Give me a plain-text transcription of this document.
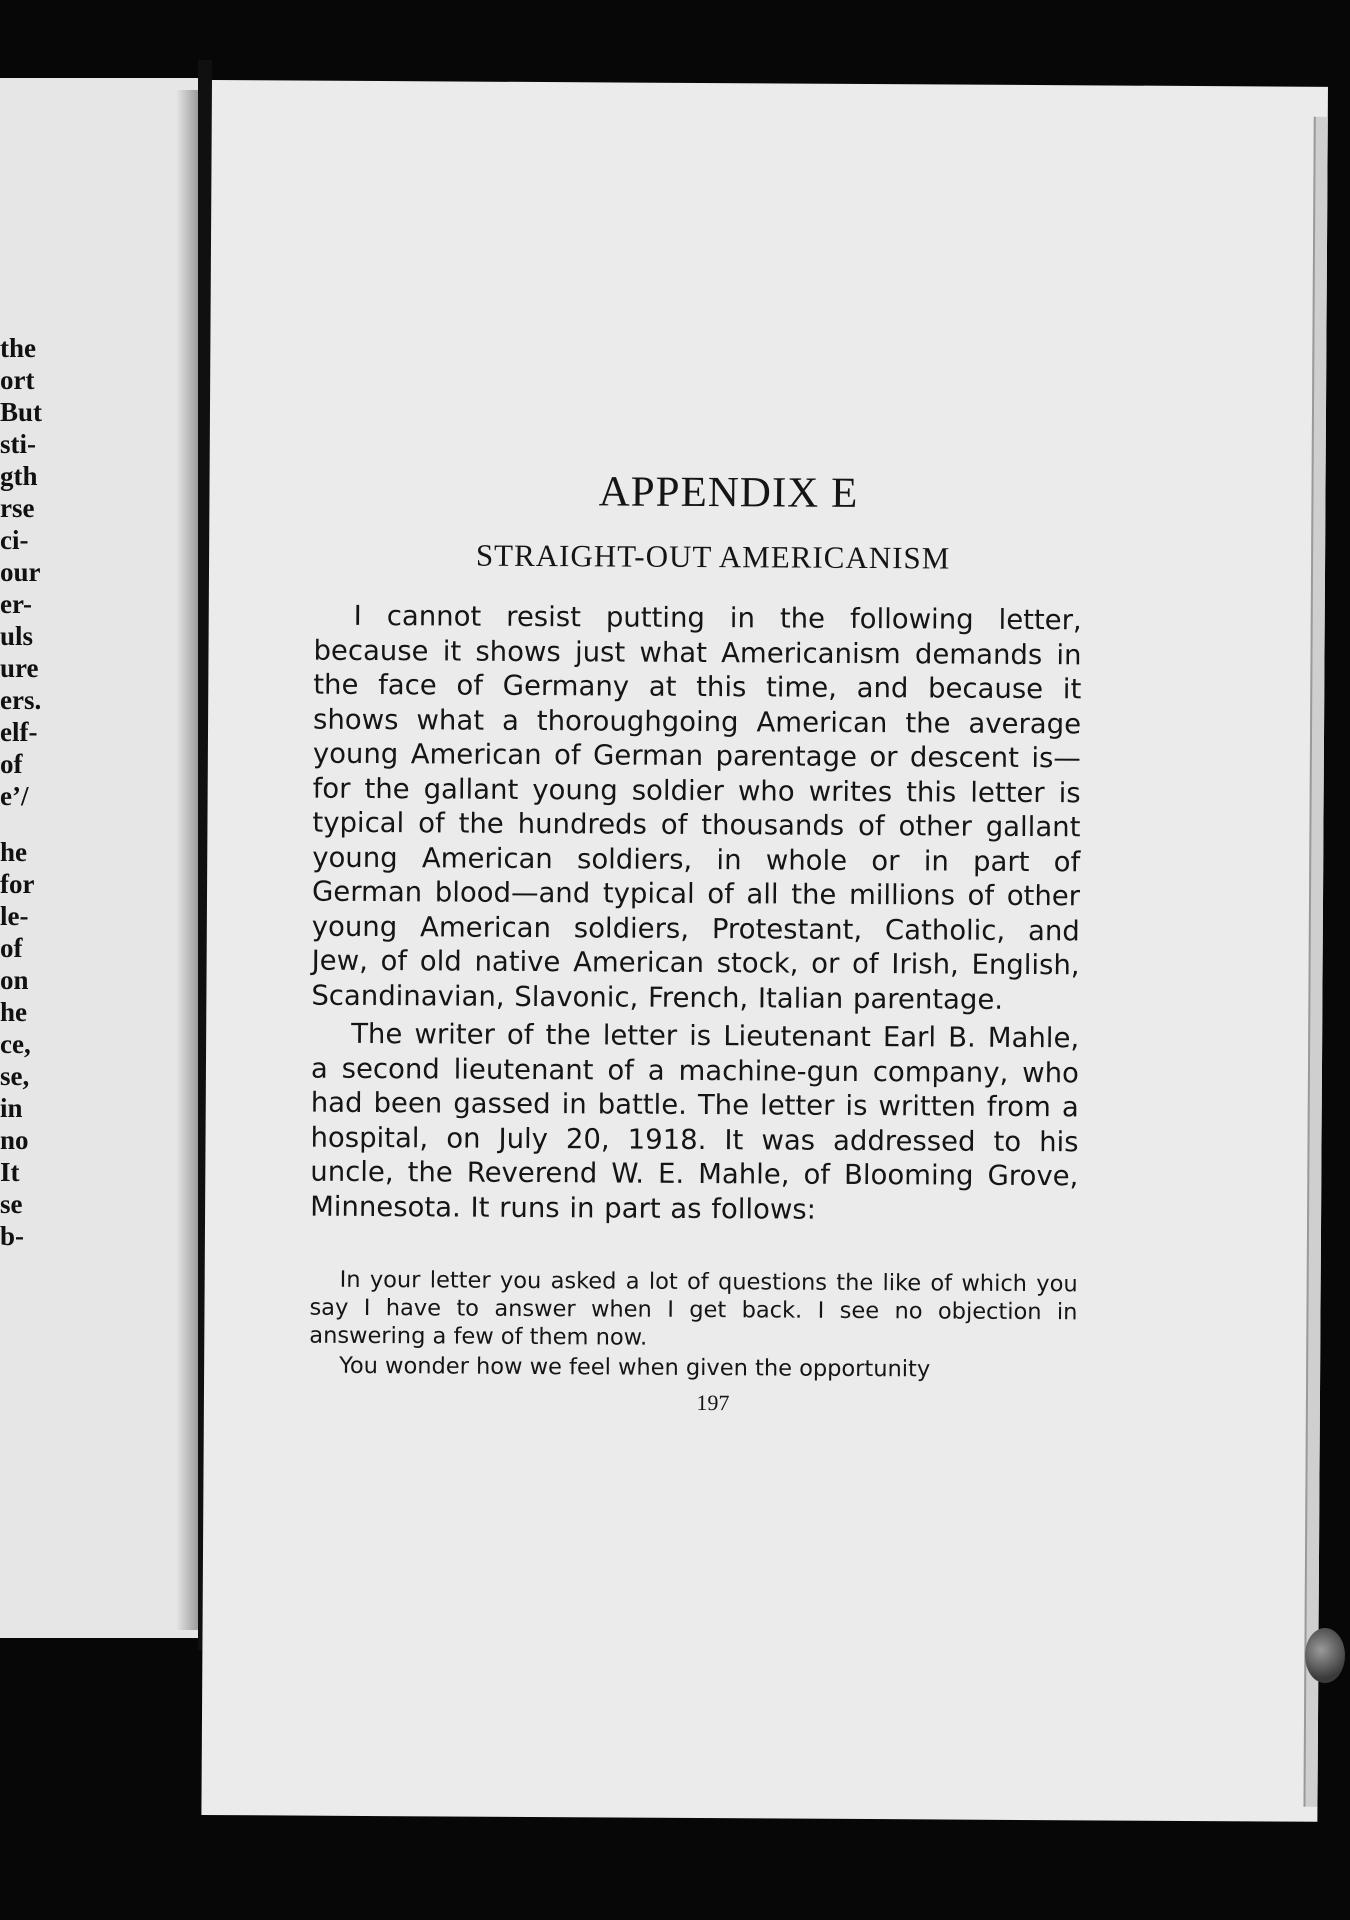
the
ort
But
sti-
gth
rse
ci-
our
er-
uls
ure
ers.
elf-
of
e’/
he
for
le-
of
on
he
ce,
se,
in
no
It
se
b-
APPENDIX E
STRAIGHT-OUT AMERICANISM

I cannot resist putting in the following letter, because it shows just what Americanism demands in the face of Germany at this time, and because it shows what a thoroughgoing American the average young American of German parentage or descent is—for the gallant young soldier who writes this letter is typical of the hundreds of thousands of other gallant young American soldiers, in whole or in part of German blood—and typical of all the millions of other young American soldiers, Protestant, Catholic, and Jew, of old native American stock, or of Irish, English, Scandinavian, Slavonic, French, Italian parentage.

The writer of the letter is Lieutenant Earl B. Mahle, a second lieutenant of a machine-gun company, who had been gassed in battle. The letter is written from a hospital, on July 20, 1918. It was addressed to his uncle, the Reverend W. E. Mahle, of Blooming Grove, Minnesota. It runs in part as follows:

In your letter you asked a lot of questions the like of which you say I have to answer when I get back. I see no objection in answering a few of them now.

You wonder how we feel when given the opportunity

197
